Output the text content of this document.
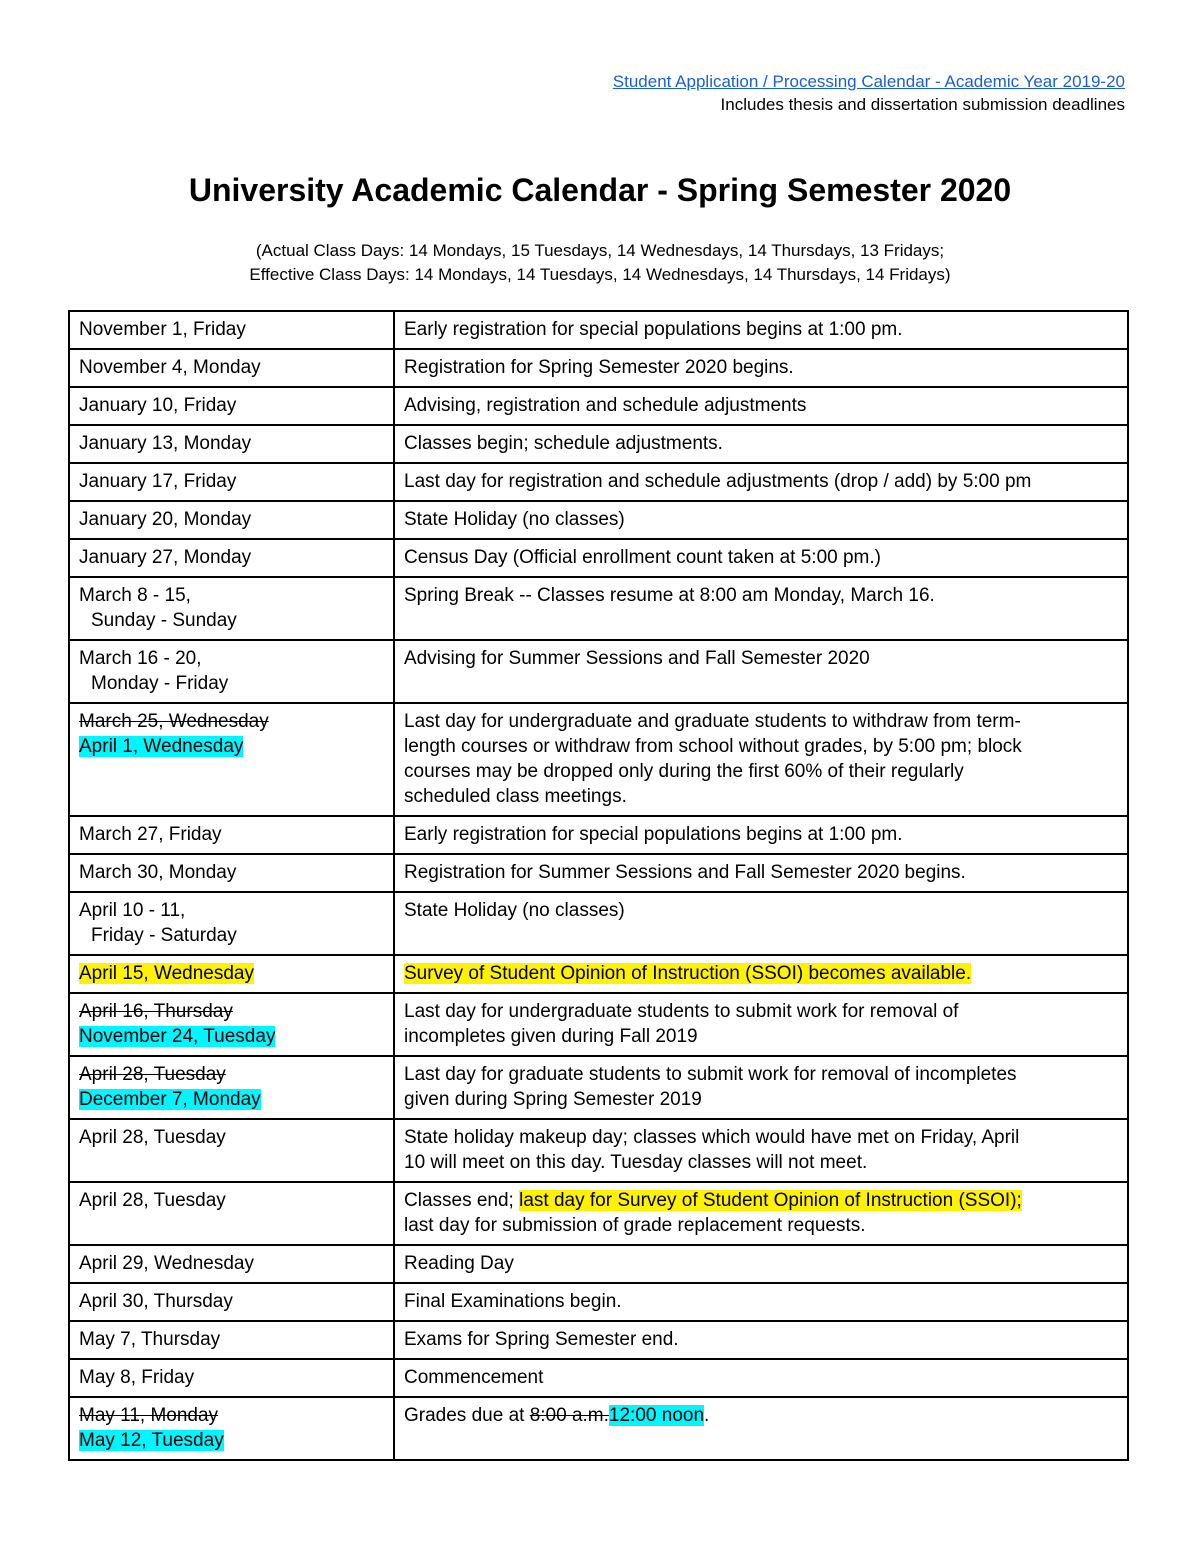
Student Application / Processing Calendar - Academic Year 2019-20
Includes thesis and dissertation submission deadlines
University Academic Calendar - Spring Semester 2020
(Actual Class Days: 14 Mondays, 15 Tuesdays, 14 Wednesdays, 14 Thursdays, 13 Fridays;
Effective Class Days: 14 Mondays, 14 Tuesdays, 14 Wednesdays, 14 Thursdays, 14 Fridays)
November 1, Friday	Early registration for special populations begins at 1:00 pm.
November 4, Monday	Registration for Spring Semester 2020 begins.
January 10, Friday	Advising, registration and schedule adjustments
January 13, Monday	Classes begin; schedule adjustments.
January 17, Friday	Last day for registration and schedule adjustments (drop / add) by 5:00 pm

January 20, Monday	State Holiday (no classes)
January 27, Monday	Census Day (Official enrollment count taken at 5:00 pm.)

March 8 - 15,
Sunday - Sunday	Spring Break -- Classes resume at 8:00 am Monday, March 16.

March 16 - 20,
Monday - Friday	Advising for Summer Sessions and Fall Semester 2020

March 25, Wednesday
April 1, Wednesday	Last day for undergraduate and graduate students to withdraw from term-
length courses or withdraw from school without grades, by 5:00 pm; block
courses may be dropped only during the first 60% of their regularly
scheduled class meetings.

March 27, Friday	Early registration for special populations begins at 1:00 pm.
March 30, Monday	Registration for Summer Sessions and Fall Semester 2020 begins.

April 10 - 11,
Friday - Saturday	State Holiday (no classes)
April 15, Wednesday	Survey of Student Opinion of Instruction (SSOI) becomes available.

April 16, Thursday
November 24, Tuesday	Last day for undergraduate students to submit work for removal of
incompletes given during Fall 2019

April 28, Tuesday
December 7, Monday	Last day for graduate students to submit work for removal of incompletes
given during Spring Semester 2019

April 28, Tuesday	State holiday makeup day; classes which would have met on Friday, April
10 will meet on this day. Tuesday classes will not meet.

April 28, Tuesday	Classes end; last day for Survey of Student Opinion of Instruction (SSOI);
last day for submission of grade replacement requests.

April 29, Wednesday	Reading Day
April 30, Thursday	Final Examinations begin.
May 7, Thursday	Exams for Spring Semester end.
May 8, Friday	Commencement

May 11, Monday
May 12, Tuesday	Grades due at 8:00 a.m.12:00 noon.
